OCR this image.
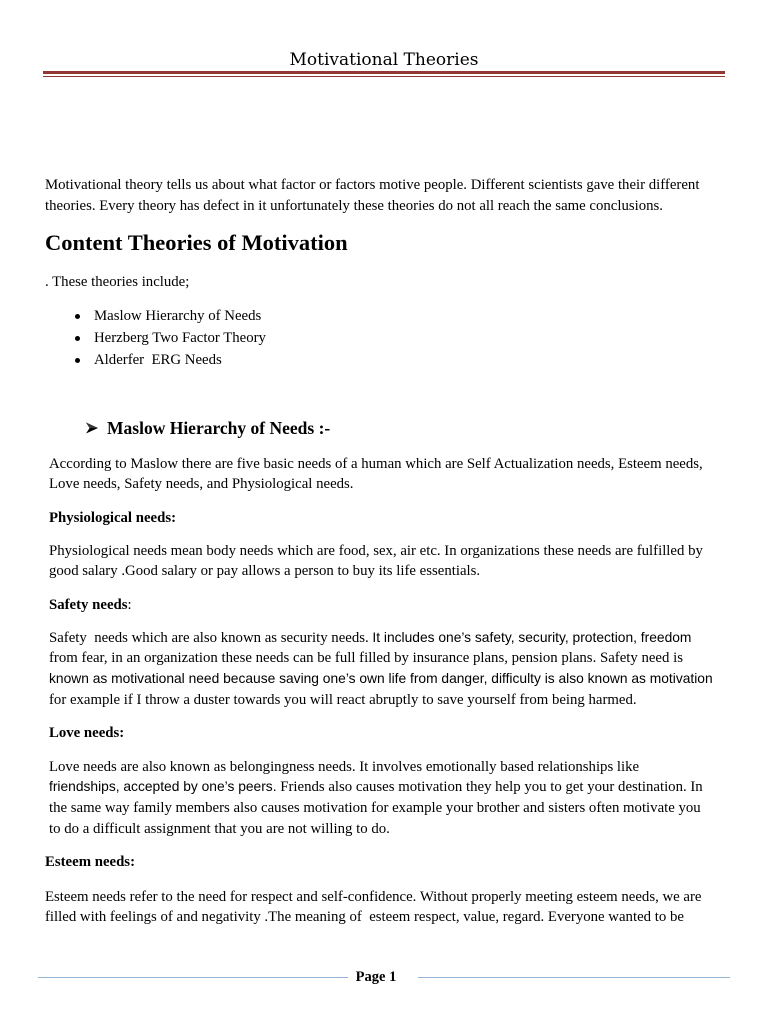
Motivational Theories

Motivational theory tells us about what factor or factors motive people. Different scientists gave their different theories. Every theory has defect in it unfortunately these theories do not all reach the same conclusions.

Content Theories of Motivation

. These theories include;

Maslow Hierarchy of Needs
Herzberg Two Factor Theory
Alderfer  ERG Needs
Maslow Hierarchy of Needs :-

According to Maslow there are five basic needs of a human which are Self Actualization needs, Esteem needs, Love needs, Safety needs, and Physiological needs.

Physiological needs:

Physiological needs mean body needs which are food, sex, air etc. In organizations these needs are fulfilled by good salary .Good salary or pay allows a person to buy its life essentials.

Safety needs:

Safety  needs which are also known as security needs. It includes one’s safety, security, protection, freedom from fear, in an organization these needs can be full filled by insurance plans, pension plans. Safety need is known as motivational need because saving one’s own life from danger, difficulty is also known as motivation for example if I throw a duster towards you will react abruptly to save yourself from being harmed.

Love needs:

Love needs are also known as belongingness needs. It involves emotionally based relationships like friendships, accepted by one’s peers. Friends also causes motivation they help you to get your destination. In the same way family members also causes motivation for example your brother and sisters often motivate you to do a difficult assignment that you are not willing to do.

Esteem needs:

Esteem needs refer to the need for respect and self-confidence. Without properly meeting esteem needs, we are filled with feelings of and negativity .The meaning of  esteem respect, value, regard. Everyone wanted to be

Page 1
